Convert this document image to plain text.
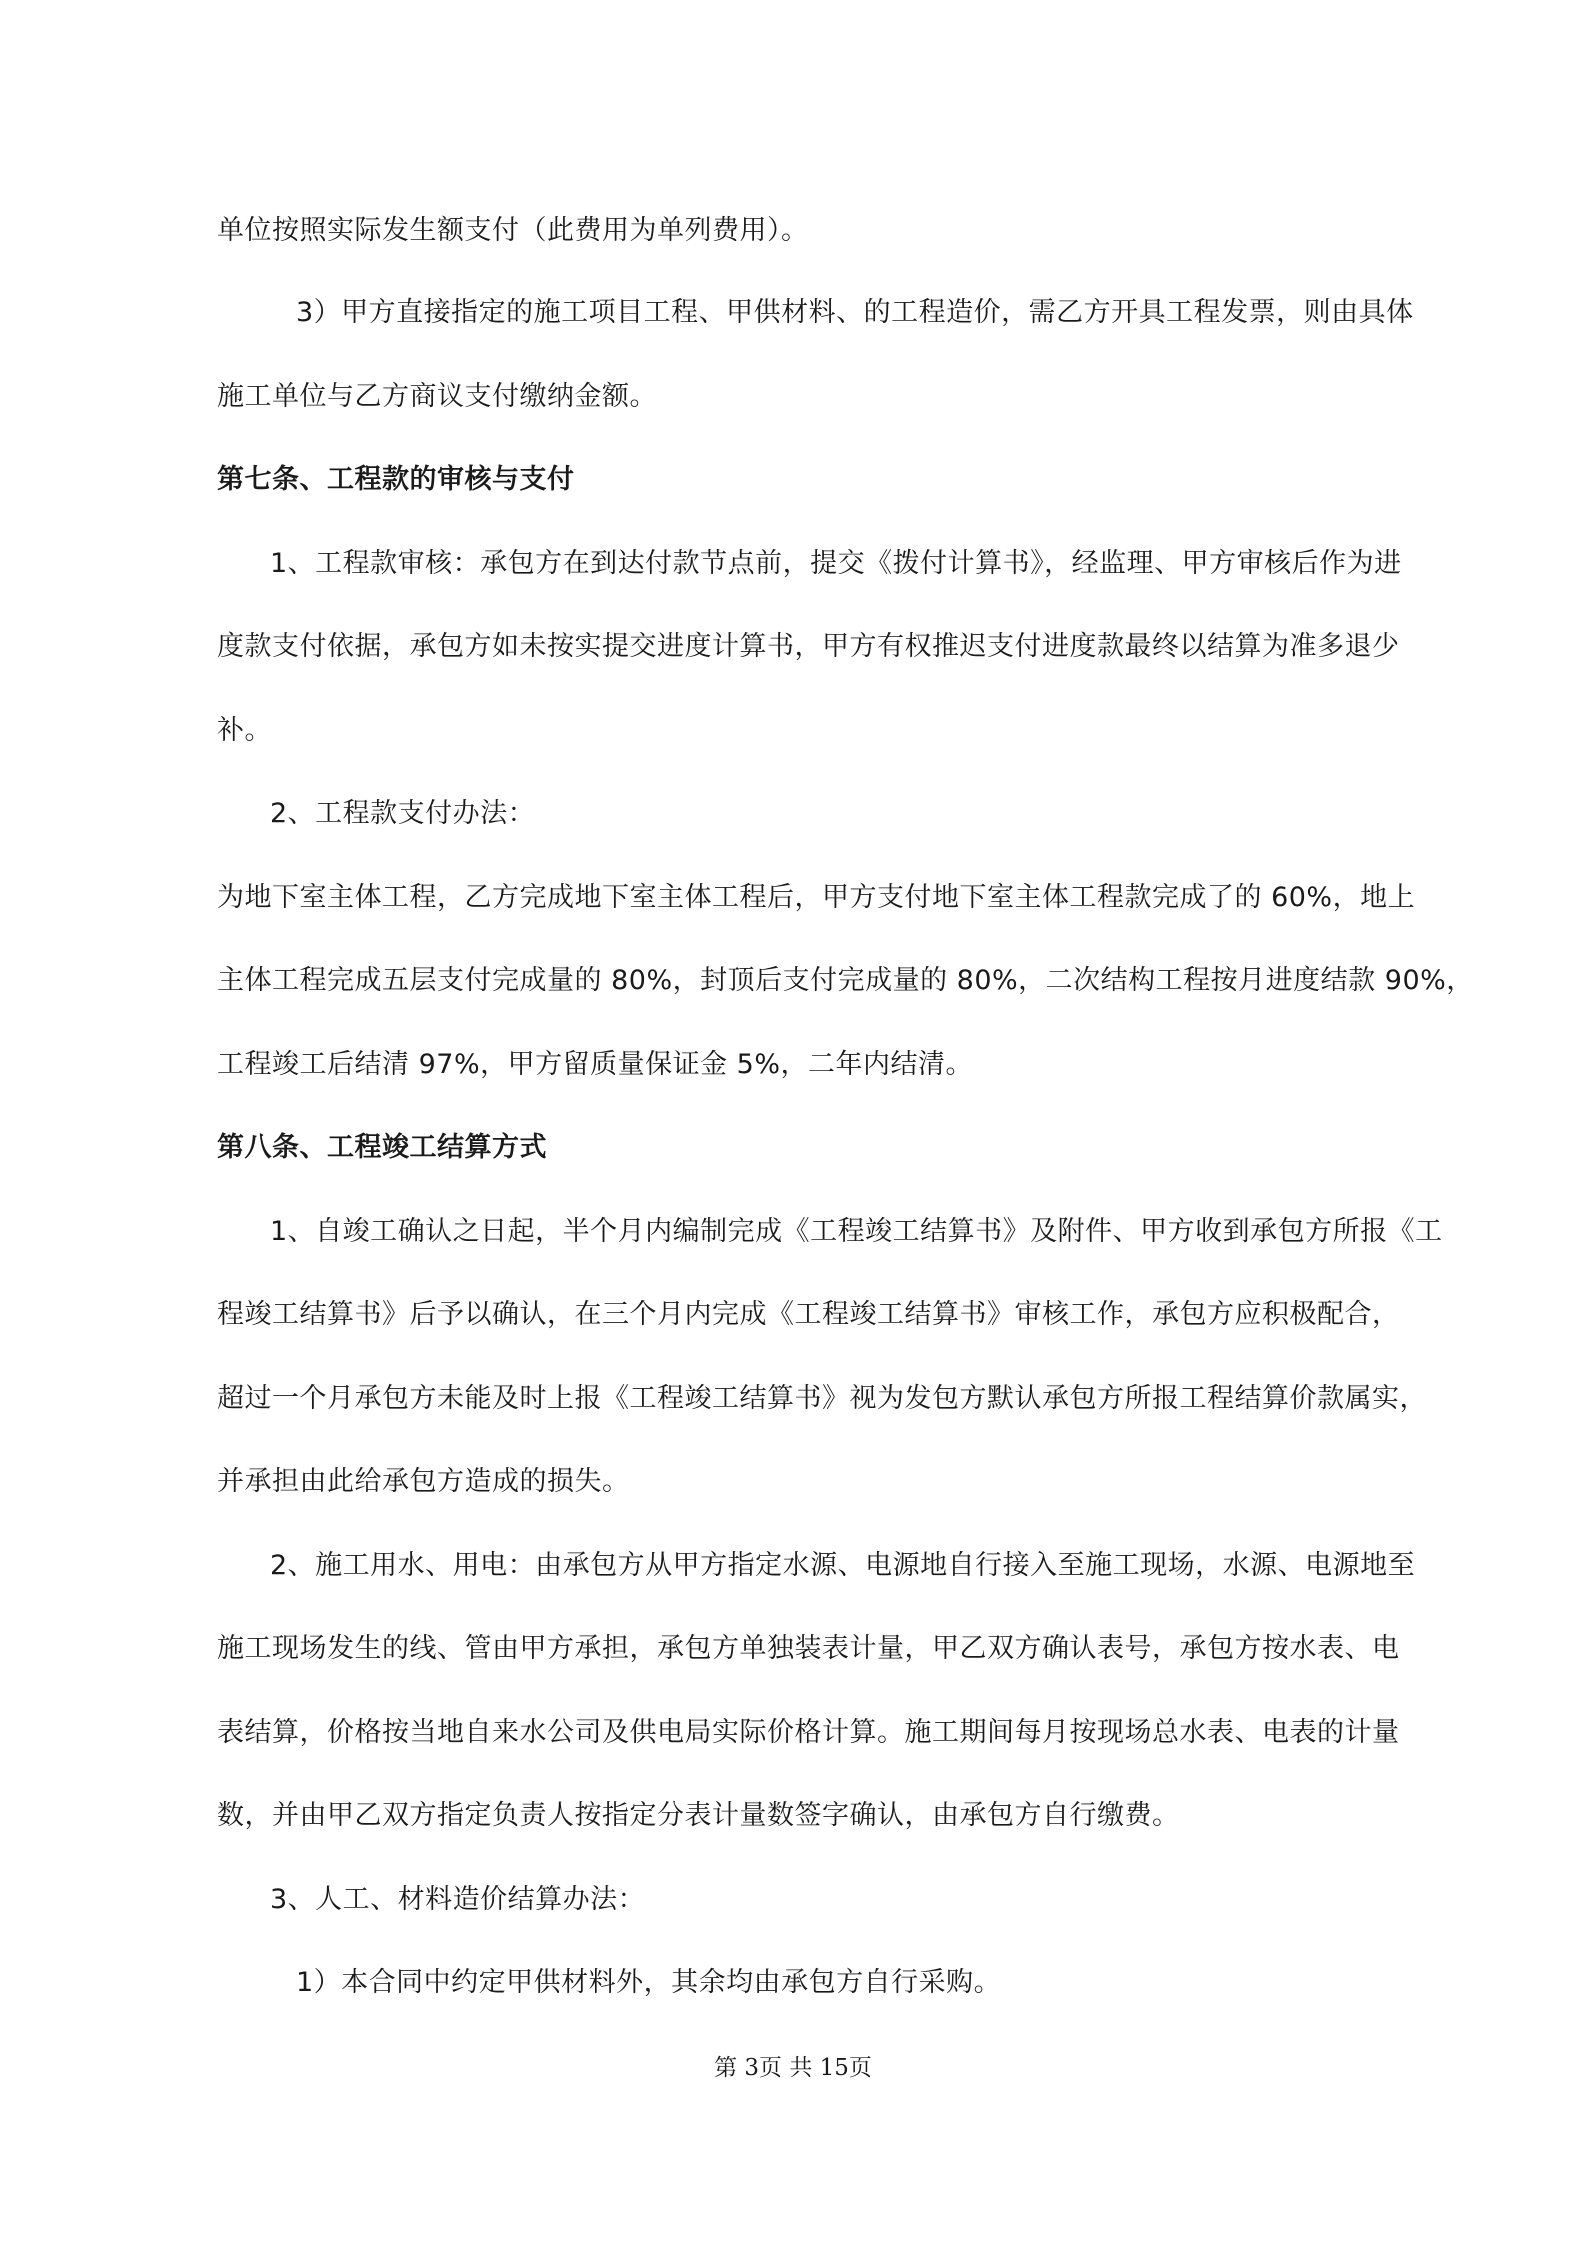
单位按照实际发生额支付（此费用为单列费用）。
3）甲方直接指定的施工项目工程、甲供材料、的工程造价，需乙方开具工程发票，则由具体
施工单位与乙方商议支付缴纳金额。
第七条、工程款的审核与支付
1、工程款审核：承包方在到达付款节点前，提交《拨付计算书》，经监理、甲方审核后作为进
度款支付依据，承包方如未按实提交进度计算书，甲方有权推迟支付进度款最终以结算为准多退少
补。
2、工程款支付办法：
为地下室主体工程，乙方完成地下室主体工程后，甲方支付地下室主体工程款完成了的 60%，地上
主体工程完成五层支付完成量的 80%，封顶后支付完成量的 80%，二次结构工程按月进度结款 90%，
工程竣工后结清 97%，甲方留质量保证金 5%，二年内结清。
第八条、工程竣工结算方式
1、自竣工确认之日起，半个月内编制完成《工程竣工结算书》及附件、甲方收到承包方所报《工
程竣工结算书》后予以确认，在三个月内完成《工程竣工结算书》审核工作，承包方应积极配合，
超过一个月承包方未能及时上报《工程竣工结算书》视为发包方默认承包方所报工程结算价款属实，
并承担由此给承包方造成的损失。
2、施工用水、用电：由承包方从甲方指定水源、电源地自行接入至施工现场，水源、电源地至
施工现场发生的线、管由甲方承担，承包方单独装表计量，甲乙双方确认表号，承包方按水表、电
表结算，价格按当地自来水公司及供电局实际价格计算。施工期间每月按现场总水表、电表的计量
数，并由甲乙双方指定负责人按指定分表计量数签字确认，由承包方自行缴费。
3、人工、材料造价结算办法：
1）本合同中约定甲供材料外，其余均由承包方自行采购。
第 3页 共 15页
